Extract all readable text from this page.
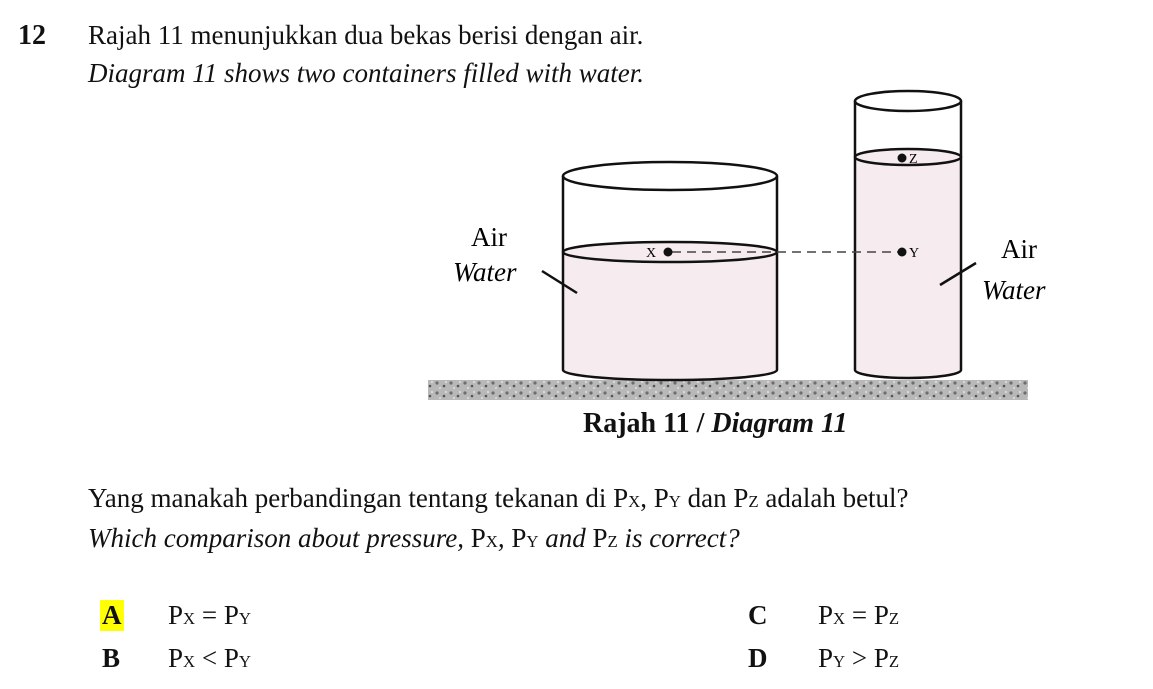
12 Rajah 11 menunjukkan dua bekas berisi dengan air.
Diagram 11 shows two containers filled with water.
X	Y
Z
Air
Water
Air
Water
Rajah 11 / Diagram 11
Yang manakah perbandingan tentang tekanan di PX, PY dan PZ adalah betul?
Which comparison about pressure, PX, PY and PZ is correct?
A PX = PY
B PX < PY
C PX = PZ
D PY > PZ
